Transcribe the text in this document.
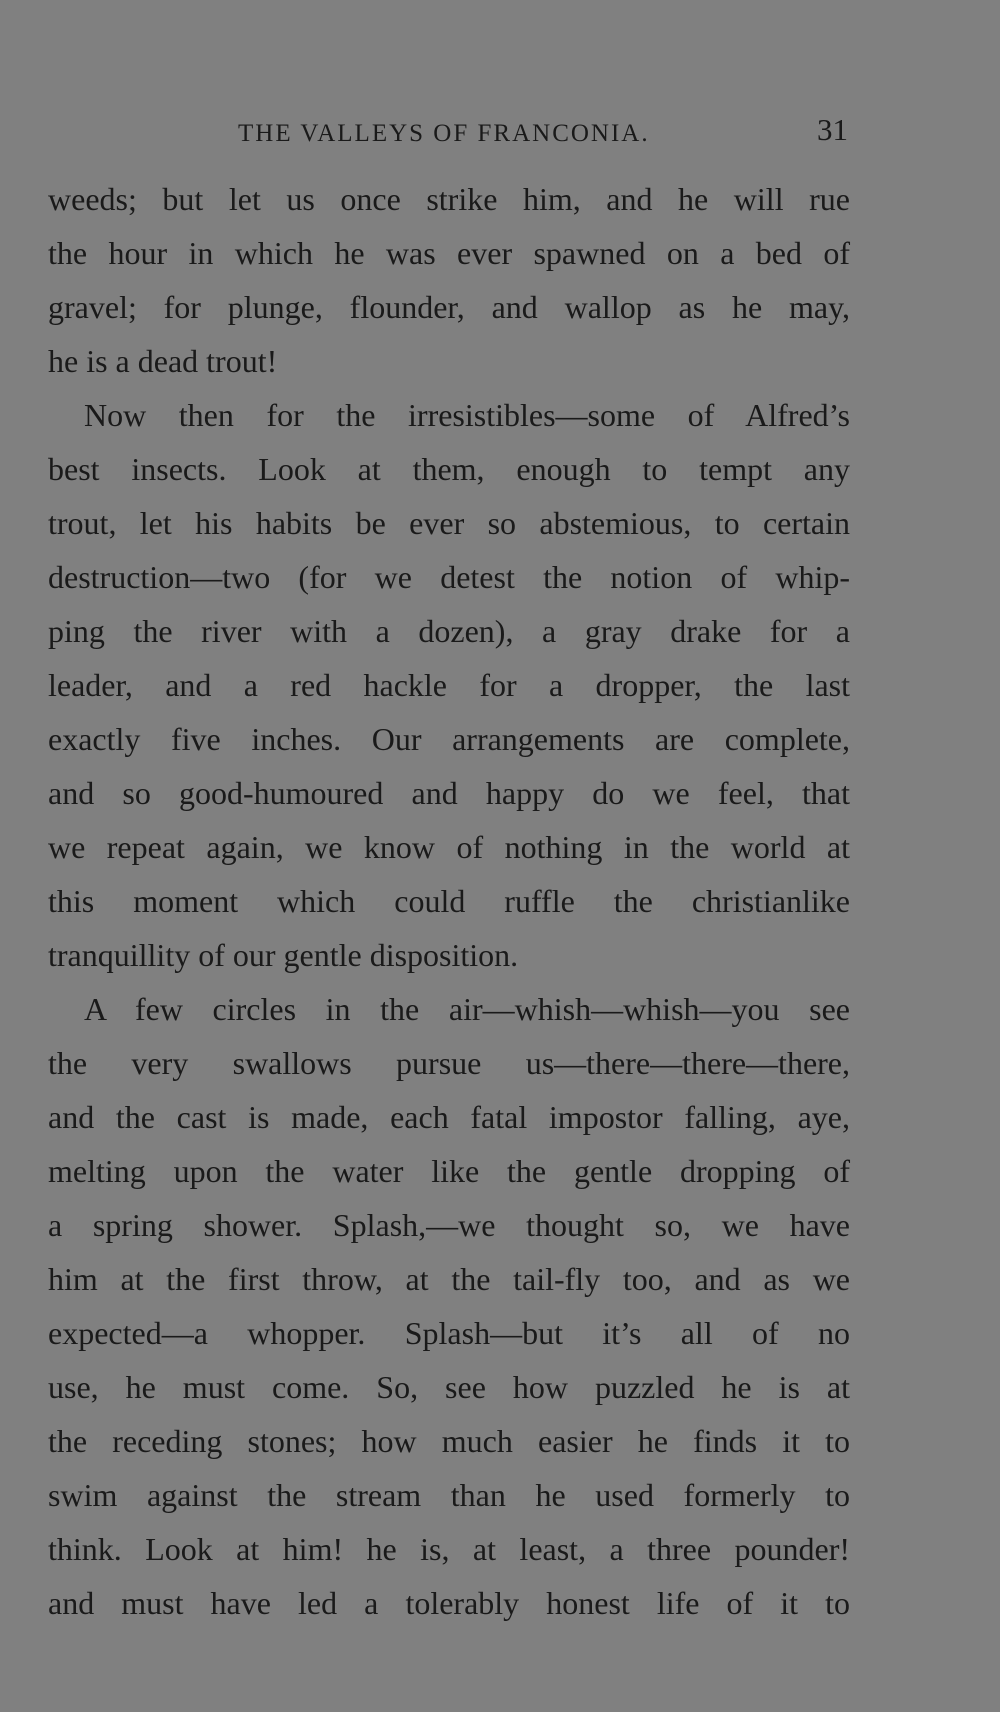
THE VALLEYS OF FRANCONIA.	31
weeds; but let us once strike him, and he will rue
the hour in which he was ever spawned on a bed of
gravel; for plunge, flounder, and wallop as he may,
he is a dead trout!
Now then for the irresistibles—some of Alfred’s
best insects. Look at them, enough to tempt any
trout, let his habits be ever so abstemious, to certain
destruction—two (for we detest the notion of whip-
ping the river with a dozen), a gray drake for a
leader, and a red hackle for a dropper, the last
exactly five inches. Our arrangements are complete,
and so good-humoured and happy do we feel, that
we repeat again, we know of nothing in the world at
this moment which could ruffle the christianlike
tranquillity of our gentle disposition.
A few circles in the air—whish—whish—you see
the very swallows pursue us—there—there—there,
and the cast is made, each fatal impostor falling, aye,
melting upon the water like the gentle dropping of
a spring shower. Splash,—we thought so, we have
him at the first throw, at the tail-fly too, and as we
expected—a whopper. Splash—but it’s all of no
use, he must come. So, see how puzzled he is at
the receding stones; how much easier he finds it to
swim against the stream than he used formerly to
think. Look at him! he is, at least, a three pounder!
and must have led a tolerably honest life of it to
